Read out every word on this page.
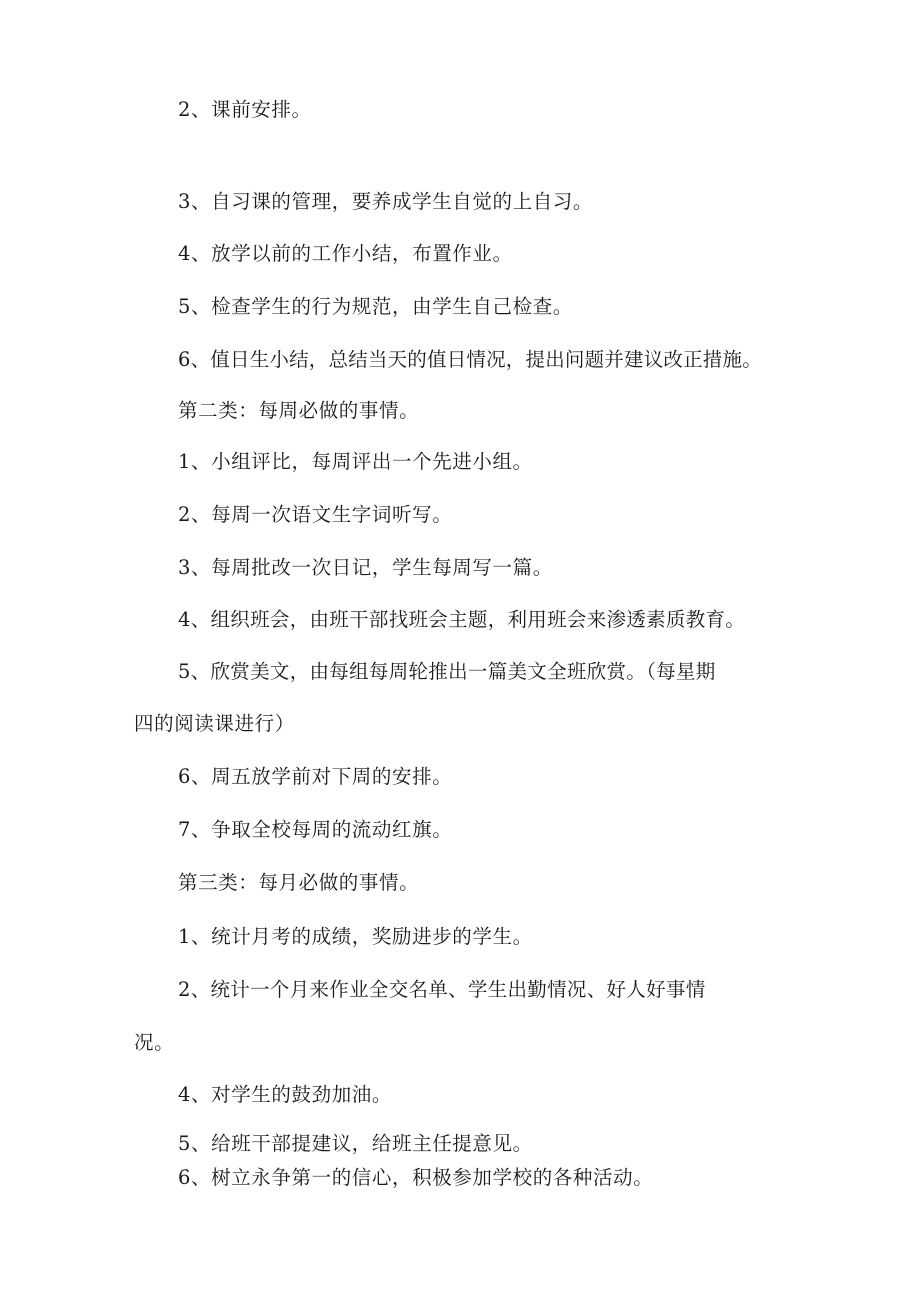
2、课前安排。
3、自习课的管理，要养成学生自觉的上自习。
4、放学以前的工作小结，布置作业。
5、检查学生的行为规范，由学生自己检查。
6、值日生小结，总结当天的值日情况，提出问题并建议改正措施。
第二类：每周必做的事情。
1、小组评比，每周评出一个先进小组。
2、每周一次语文生字词听写。
3、每周批改一次日记，学生每周写一篇。
4、组织班会，由班干部找班会主题，利用班会来渗透素质教育。
5、欣赏美文，由每组每周轮推出一篇美文全班欣赏。（每星期
四的阅读课进行）
6、周五放学前对下周的安排。
7、争取全校每周的流动红旗。
第三类：每月必做的事情。
1、统计月考的成绩，奖励进步的学生。
2、统计一个月来作业全交名单、学生出勤情况、好人好事情
况。
4、对学生的鼓劲加油。
5、给班干部提建议，给班主任提意见。
6、树立永争第一的信心，积极参加学校的各种活动。
